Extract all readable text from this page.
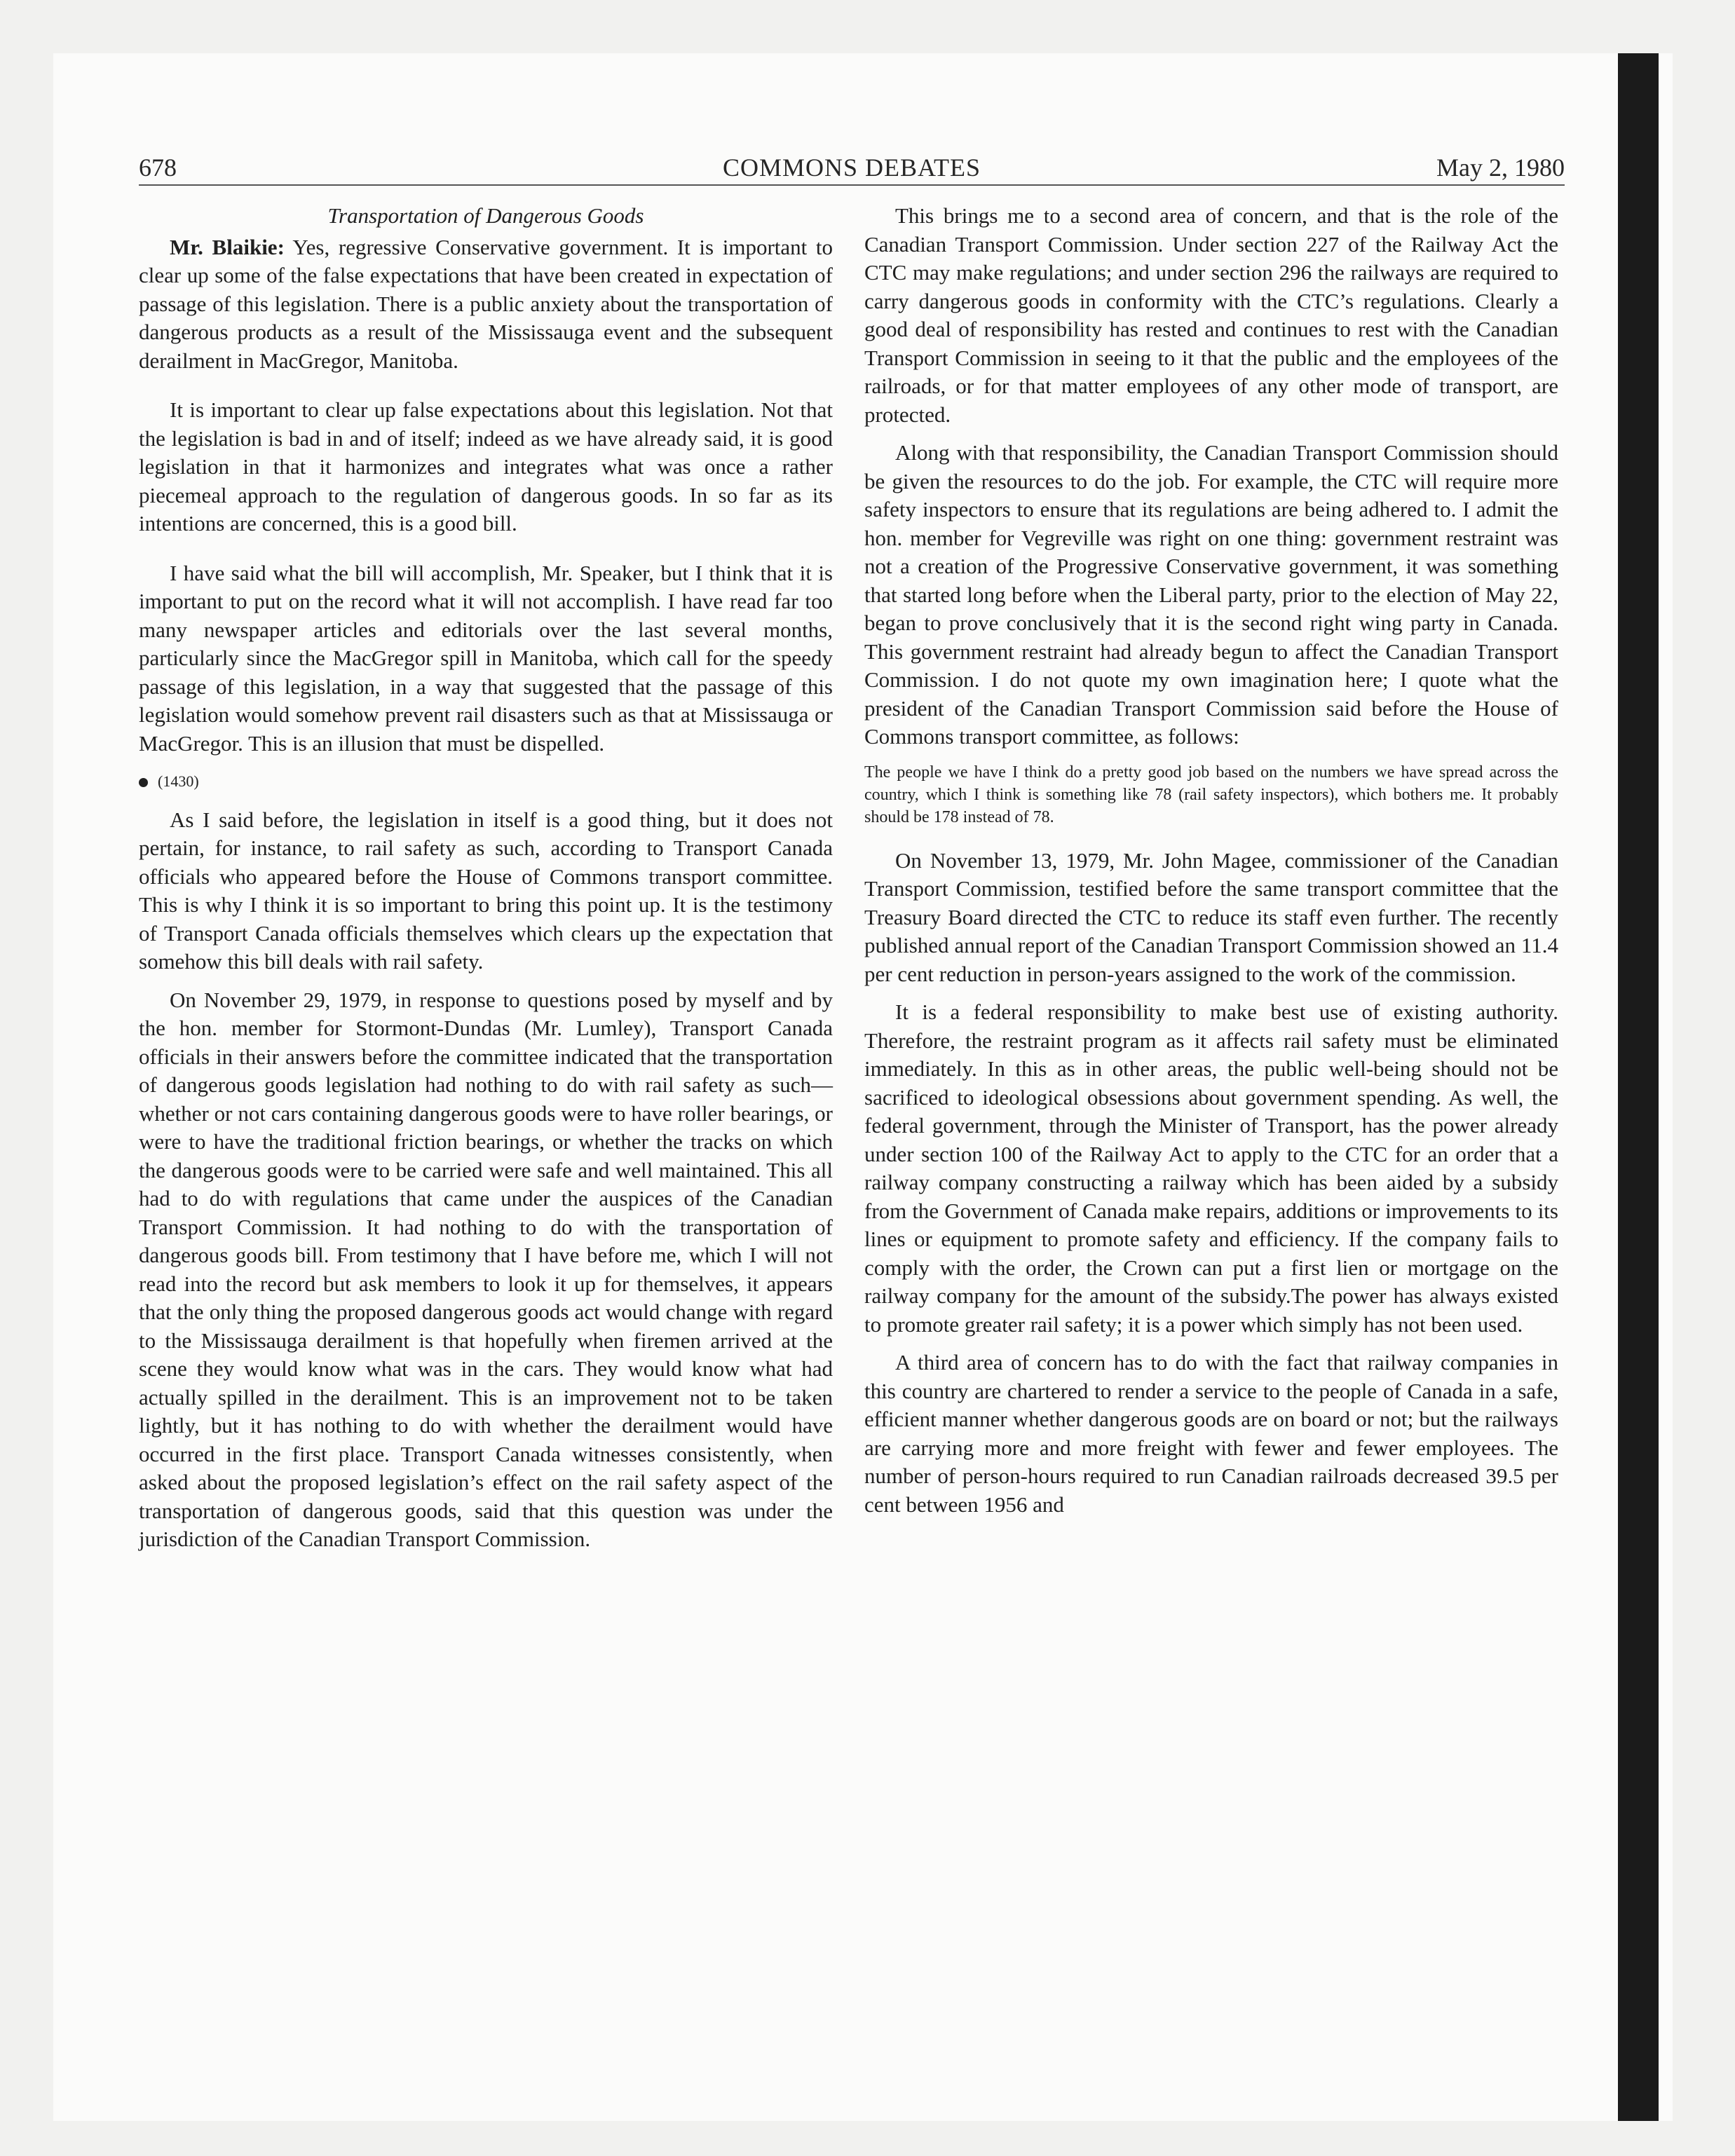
678	COMMONS DEBATES	May 2, 1980
Transportation of Dangerous Goods

Mr. Blaikie: Yes, regressive Conservative government. It is important to clear up some of the false expectations that have been created in expectation of passage of this legislation. There is a public anxiety about the transportation of dangerous products as a result of the Mississauga event and the subsequent derailment in MacGregor, Manitoba.

It is important to clear up false expectations about this legislation. Not that the legislation is bad in and of itself; indeed as we have already said, it is good legislation in that it harmonizes and integrates what was once a rather piecemeal approach to the regulation of dangerous goods. In so far as its intentions are concerned, this is a good bill.

I have said what the bill will accomplish, Mr. Speaker, but I think that it is important to put on the record what it will not accomplish. I have read far too many newspaper articles and editorials over the last several months, particularly since the MacGregor spill in Manitoba, which call for the speedy passage of this legislation, in a way that suggested that the passage of this legislation would somehow prevent rail disasters such as that at Mississauga or MacGregor. This is an illusion that must be dispelled.

(1430)

As I said before, the legislation in itself is a good thing, but it does not pertain, for instance, to rail safety as such, according to Transport Canada officials who appeared before the House of Commons transport committee. This is why I think it is so important to bring this point up. It is the testimony of Transport Canada officials themselves which clears up the expectation that somehow this bill deals with rail safety.

On November 29, 1979, in response to questions posed by myself and by the hon. member for Stormont-Dundas (Mr. Lumley), Transport Canada officials in their answers before the committee indicated that the transportation of dangerous goods legislation had nothing to do with rail safety as such—whether or not cars containing dangerous goods were to have roller bearings, or were to have the traditional friction bearings, or whether the tracks on which the dangerous goods were to be carried were safe and well maintained. This all had to do with regulations that came under the auspices of the Canadian Transport Commission. It had nothing to do with the transportation of dangerous goods bill. From testimony that I have before me, which I will not read into the record but ask members to look it up for themselves, it appears that the only thing the proposed dangerous goods act would change with regard to the Mississauga derailment is that hopefully when firemen arrived at the scene they would know what was in the cars. They would know what had actually spilled in the derailment. This is an improvement not to be taken lightly, but it has nothing to do with whether the derailment would have occurred in the first place. Transport Canada witnesses consistently, when asked about the proposed legislation’s effect on the rail safety aspect of the transportation of dangerous goods, said that this question was under the jurisdiction of the Canadian Transport Commission.

This brings me to a second area of concern, and that is the role of the Canadian Transport Commission. Under section 227 of the Railway Act the CTC may make regulations; and under section 296 the railways are required to carry dangerous goods in conformity with the CTC’s regulations. Clearly a good deal of responsibility has rested and continues to rest with the Canadian Transport Commission in seeing to it that the public and the employees of the railroads, or for that matter employees of any other mode of transport, are protected.

Along with that responsibility, the Canadian Transport Commission should be given the resources to do the job. For example, the CTC will require more safety inspectors to ensure that its regulations are being adhered to. I admit the hon. member for Vegreville was right on one thing: government restraint was not a creation of the Progressive Conservative government, it was something that started long before when the Liberal party, prior to the election of May 22, began to prove conclusively that it is the second right wing party in Canada. This government restraint had already begun to affect the Canadian Transport Commission. I do not quote my own imagination here; I quote what the president of the Canadian Transport Commission said before the House of Commons transport committee, as follows:

The people we have I think do a pretty good job based on the numbers we have spread across the country, which I think is something like 78 (rail safety inspectors), which bothers me. It probably should be 178 instead of 78.

On November 13, 1979, Mr. John Magee, commissioner of the Canadian Transport Commission, testified before the same transport committee that the Treasury Board directed the CTC to reduce its staff even further. The recently published annual report of the Canadian Transport Commission showed an 11.4 per cent reduction in person-years assigned to the work of the commission.

It is a federal responsibility to make best use of existing authority. Therefore, the restraint program as it affects rail safety must be eliminated immediately. In this as in other areas, the public well-being should not be sacrificed to ideological obsessions about government spending. As well, the federal government, through the Minister of Transport, has the power already under section 100 of the Railway Act to apply to the CTC for an order that a railway company constructing a railway which has been aided by a subsidy from the Government of Canada make repairs, additions or improvements to its lines or equipment to promote safety and efficiency. If the company fails to comply with the order, the Crown can put a first lien or mortgage on the railway company for the amount of the subsidy.The power has always existed to promote greater rail safety; it is a power which simply has not been used.

A third area of concern has to do with the fact that railway companies in this country are chartered to render a service to the people of Canada in a safe, efficient manner whether dangerous goods are on board or not; but the railways are carrying more and more freight with fewer and fewer employees. The number of person-hours required to run Canadian railroads decreased 39.5 per cent between 1956 and
